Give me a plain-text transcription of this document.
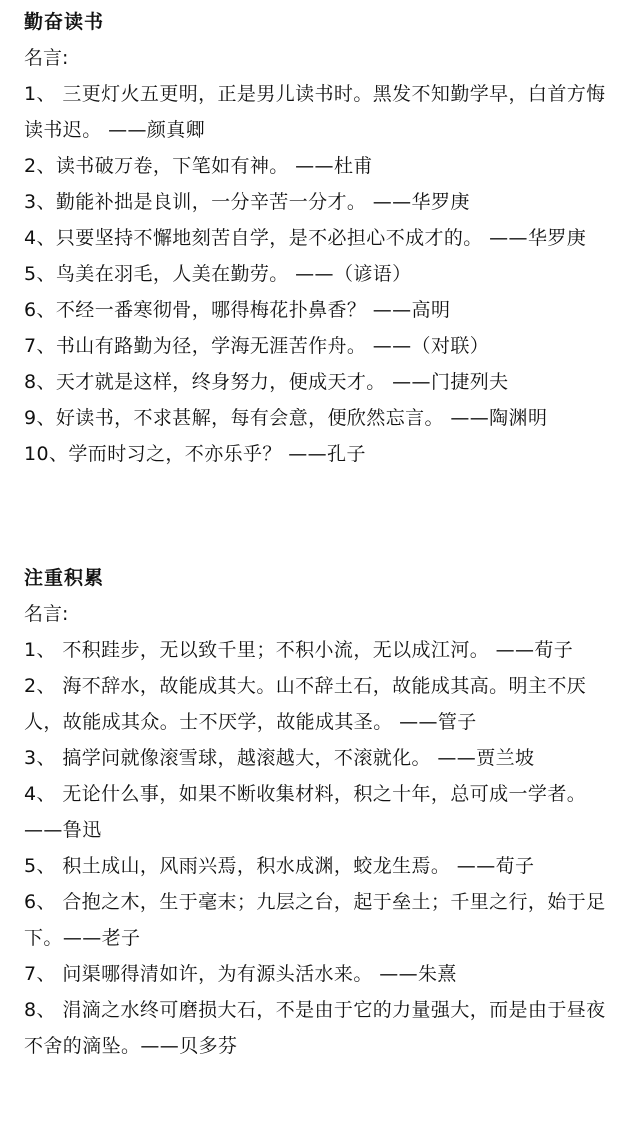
勤奋读书
名言:

1、 三更灯火五更明，正是男儿读书时。黑发不知勤学早，白首方悔读书迟。 ——颜真卿

2、读书破万卷，下笔如有神。 ——杜甫

3、勤能补拙是良训，一分辛苦一分才。 ——华罗庚

4、只要坚持不懈地刻苦自学，是不必担心不成才的。 ——华罗庚

5、鸟美在羽毛，人美在勤劳。 ——（谚语）

6、不经一番寒彻骨，哪得梅花扑鼻香？ ——高明

7、书山有路勤为径，学海无涯苦作舟。 ——（对联）

8、天才就是这样，终身努力，便成天才。 ——门捷列夫

9、好读书，不求甚解，每有会意，便欣然忘言。 ——陶渊明

10、学而时习之，不亦乐乎？ ——孔子

注重积累
名言:

1、 不积跬步，无以致千里；不积小流，无以成江河。 ——荀子

2、 海不辞水，故能成其大。山不辞土石，故能成其高。明主不厌人，故能成其众。士不厌学，故能成其圣。 ——管子

3、 搞学问就像滚雪球，越滚越大，不滚就化。 ——贾兰坡

4、 无论什么事，如果不断收集材料，积之十年，总可成一学者。 ——鲁迅

5、 积土成山，风雨兴焉，积水成渊，蛟龙生焉。 ——荀子

6、 合抱之木，生于毫末；九层之台，起于垒土；千里之行，始于足下。——老子

7、 问渠哪得清如许，为有源头活水来。 ——朱熹

8、 涓滴之水终可磨损大石，不是由于它的力量强大，而是由于昼夜不舍的滴坠。——贝多芬
